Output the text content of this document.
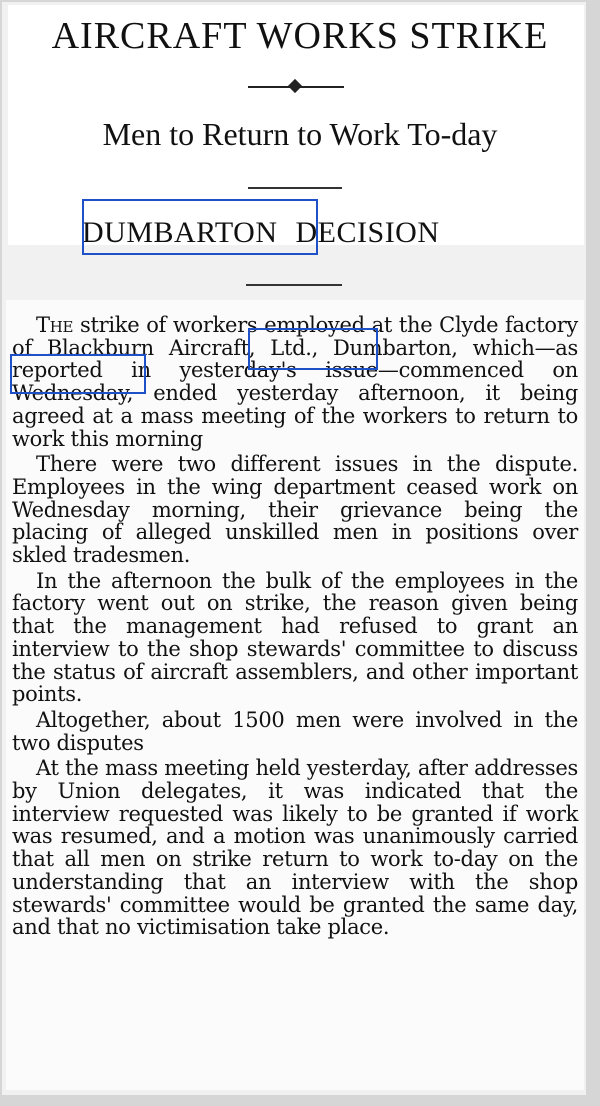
AIRCRAFT WORKS STRIKE
Men to Return to Work To-day
DUMBARTON DECISION

The strike of workers employed at the Clyde factory of Blackburn Aircraft, Ltd., Dumbarton, which—as reported in yesterday's issue—commenced on Wednesday, ended yesterday afternoon, it being agreed at a mass meeting of the workers to return to work this morning

There were two different issues in the dispute. Employees in the wing department ceased work on Wednesday morning, their grievance being the placing of alleged unskilled men in positions over skled tradesmen.

In the afternoon the bulk of the employees in the factory went out on strike, the reason given being that the management had refused to grant an interview to the shop stewards' committee to discuss the status of aircraft assemblers, and other important points.

Altogether, about 1500 men were involved in the two disputes

At the mass meeting held yesterday, after addresses by Union delegates, it was indicated that the interview requested was likely to be granted if work was resumed, and a motion was unanimously carried that all men on strike return to work to-day on the understanding that an interview with the shop stewards' committee would be granted the same day, and that no victimisation take place.
